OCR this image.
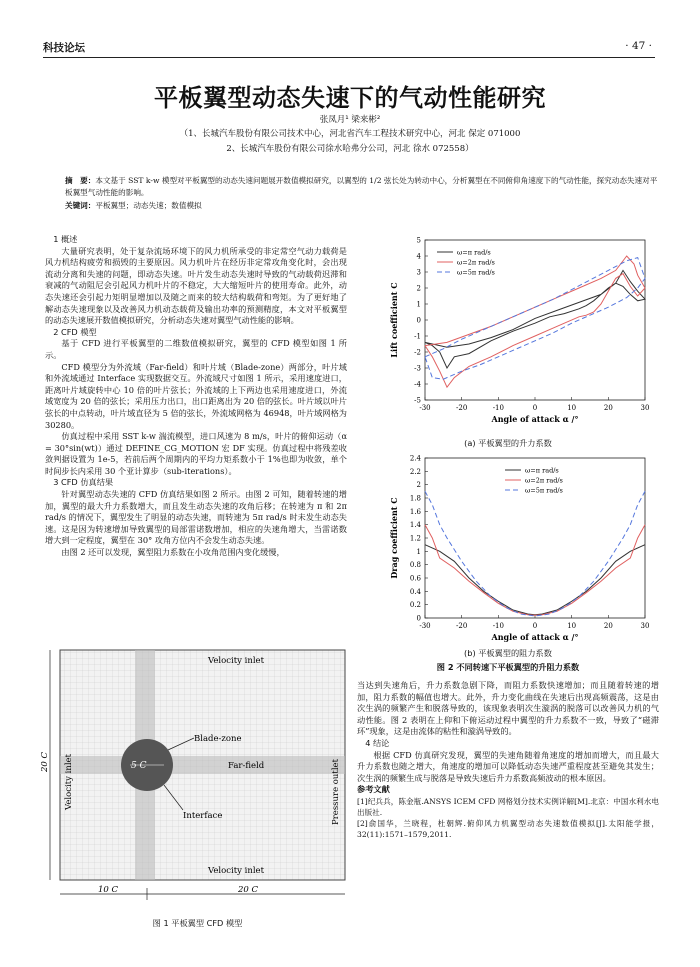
科技论坛	· 47 ·
平板翼型动态失速下的气动性能研究
张凤月¹ 梁来彬²
（1、长城汽车股份有限公司技术中心，河北省汽车工程技术研究中心，河北 保定 071000
2、长城汽车股份有限公司徐水哈弗分公司，河北 徐水 072558）
摘　要：本文基于 SST k-w 模型对平板翼型的动态失速问题展开数值模拟研究，以翼型的 1/2 弦长处为转动中心，分析翼型在不同俯仰角速度下的气动性能，探究动态失速对平板翼型气动性能的影响。
关键词：平板翼型；动态失速；数值模拟

1 概述

大量研究表明，处于复杂流场环境下的风力机所承受的非定常空气动力载荷是风力机结构疲劳和损毁的主要原因。风力机叶片在经历非定常攻角变化时，会出现流动分离和失速的问题，即动态失速。叶片发生动态失速时导致的气动载荷迟滞和衰减的气动阻尼会引起风力机叶片的不稳定，大大缩短叶片的使用寿命。此外，动态失速还会引起力矩明显增加以及随之而来的较大结构载荷和弯矩。为了更好地了解动态失速现象以及改善风力机动态载荷及输出功率的预测精度，本文对平板翼型的动态失速展开数值模拟研究，分析动态失速对翼型气动性能的影响。

2 CFD 模型

基于 CFD 进行平板翼型的二维数值模拟研究，翼型的 CFD 模型如图 1 所示。

CFD 模型分为外流域（Far-field）和叶片域（Blade-zone）两部分，叶片域和外流域通过 Interface 实现数据交互。外流域尺寸如图 1 所示，采用速度进口，距离叶片域旋转中心 10 倍的叶片弦长；外流域的上下两边也采用速度进口，外流域宽度为 20 倍的弦长；采用压力出口，出口距离出为 20 倍的弦长。叶片域以叶片弦长的中点转动，叶片域直径为 5 倍的弦长，外流域网格为 46948，叶片域网格为 30280。

仿真过程中采用 SST k-w 湍流模型，进口风速为 8 m/s，叶片的俯仰运动（α = 30°sin(wt)）通过 DEFINE_CG_MOTION 宏 DF 实现。仿真过程中将残差收敛判据设置为 1e-5，若前后两个周期内的平均力矩系数小于 1%也即为收敛，单个时间步长内采用 30 个亚计算步（sub-iterations）。

3 CFD 仿真结果

针对翼型动态失速的 CFD 仿真结果如图 2 所示。由图 2 可知，随着转速的增加，翼型的最大升力系数增大，而且发生动态失速的攻角后移；在转速为 π 和 2π rad/s 的情况下，翼型发生了明显的动态失速，而转速为 5π rad/s 时未发生动态失速。这是因为转速增加导致翼型的局部雷诺数增加，相应的失速角增大，当雷诺数增大到一定程度，翼型在 30° 攻角方位内不会发生动态失速。

由图 2 还可以发现，翼型阻力系数在小攻角范围内变化缓慢，

当达到失速角后，升力系数急剧下降，而阻力系数快速增加；而且随着转速的增加，阻力系数的幅值也增大。此外，升力变化曲线在失速后出现高频震荡，这是由次生涡的频繁产生和脱落导致的，该现象表明次生漩涡的脱落可以改善风力机的气动性能。图 2 表明在上仰和下俯运动过程中翼型的升力系数不一致，导致了“磁滞环”现象，这是由流体的粘性和漩涡导致的。

4 结论

根据 CFD 仿真研究发现，翼型的失速角随着角速度的增加而增大，而且最大升力系数也随之增大，角速度的增加可以降低动态失速严重程度甚至避免其发生；次生涡的频繁生成与脱落是导致失速后升力系数高频波动的根本原因。

参考文献

[1]纪兵兵，陈金瓶.ANSYS ICEM CFD 网格划分技术实例详解[M].北京：中国水利水电出版社.

[2]俞国华，兰晓程，杜朝辉.俯仰风力机翼型动态失速数值模拟[J].太阳能学报，32(11):1571–1579,2011.

5 C
Velocity inlet
Velocity inlet
Velocity inlet	Pressure outlet
Blade-zone
Far-field
Interface
20 C
10 C	20 C
图 1 平板翼型 CFD 模型
-30	-20	-10	0	10	20	30
-5
-4
-3
-2
-1
0
1
2
3
4
5
Angle of attack α /°
Lift coefficient C
ω=π rad/s
ω=2π rad/s
ω=5π rad/s
(a) 平板翼型的升力系数
-30	-20	-10	0	10	20	30
0
0.2
0.4
0.6
0.8
1
1.2
1.4
1.6
1.8
2
2.2
2.4
Angle of attack α /°
Drag coefficient C
ω=π rad/s
ω=2π rad/s
ω=5π rad/s
(b) 平板翼型的阻力系数
图 2 不同转速下平板翼型的升阻力系数
